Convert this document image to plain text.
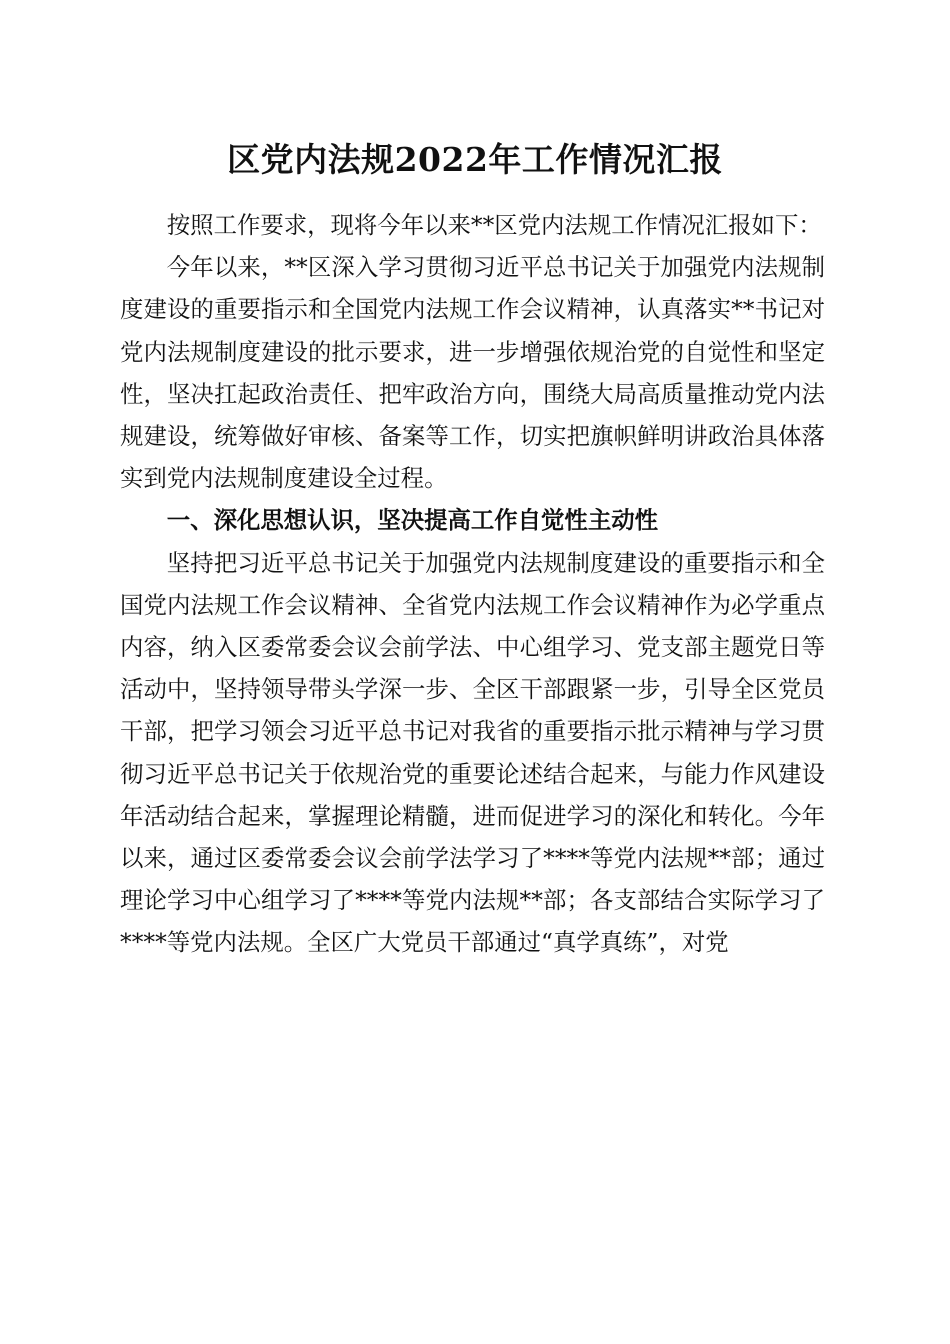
区党内法规2022年工作情况汇报

按照工作要求，现将今年以来**区党内法规工作情况汇报如下：

今年以来，**区深入学习贯彻习近平总书记关于加强党内法规制度建设的重要指示和全国党内法规工作会议精神，认真落实**书记对党内法规制度建设的批示要求，进一步增强依规治党的自觉性和坚定性，坚决扛起政治责任、把牢政治方向，围绕大局高质量推动党内法规建设，统筹做好审核、备案等工作，切实把旗帜鲜明讲政治具体落实到党内法规制度建设全过程。

一、深化思想认识，坚决提高工作自觉性主动性

坚持把习近平总书记关于加强党内法规制度建设的重要指示和全国党内法规工作会议精神、全省党内法规工作会议精神作为必学重点内容，纳入区委常委会议会前学法、中心组学习、党支部主题党日等活动中，坚持领导带头学深一步、全区干部跟紧一步，引导全区党员干部，把学习领会习近平总书记对我省的重要指示批示精神与学习贯彻习近平总书记关于依规治党的重要论述结合起来，与能力作风建设年活动结合起来，掌握理论精髓，进而促进学习的深化和转化。今年以来，通过区委常委会议会前学法学习了****等党内法规**部；通过理论学习中心组学习了****等党内法规**部；各支部结合实际学习了****等党内法规。全区广大党员干部通过“真学真练”，对党
